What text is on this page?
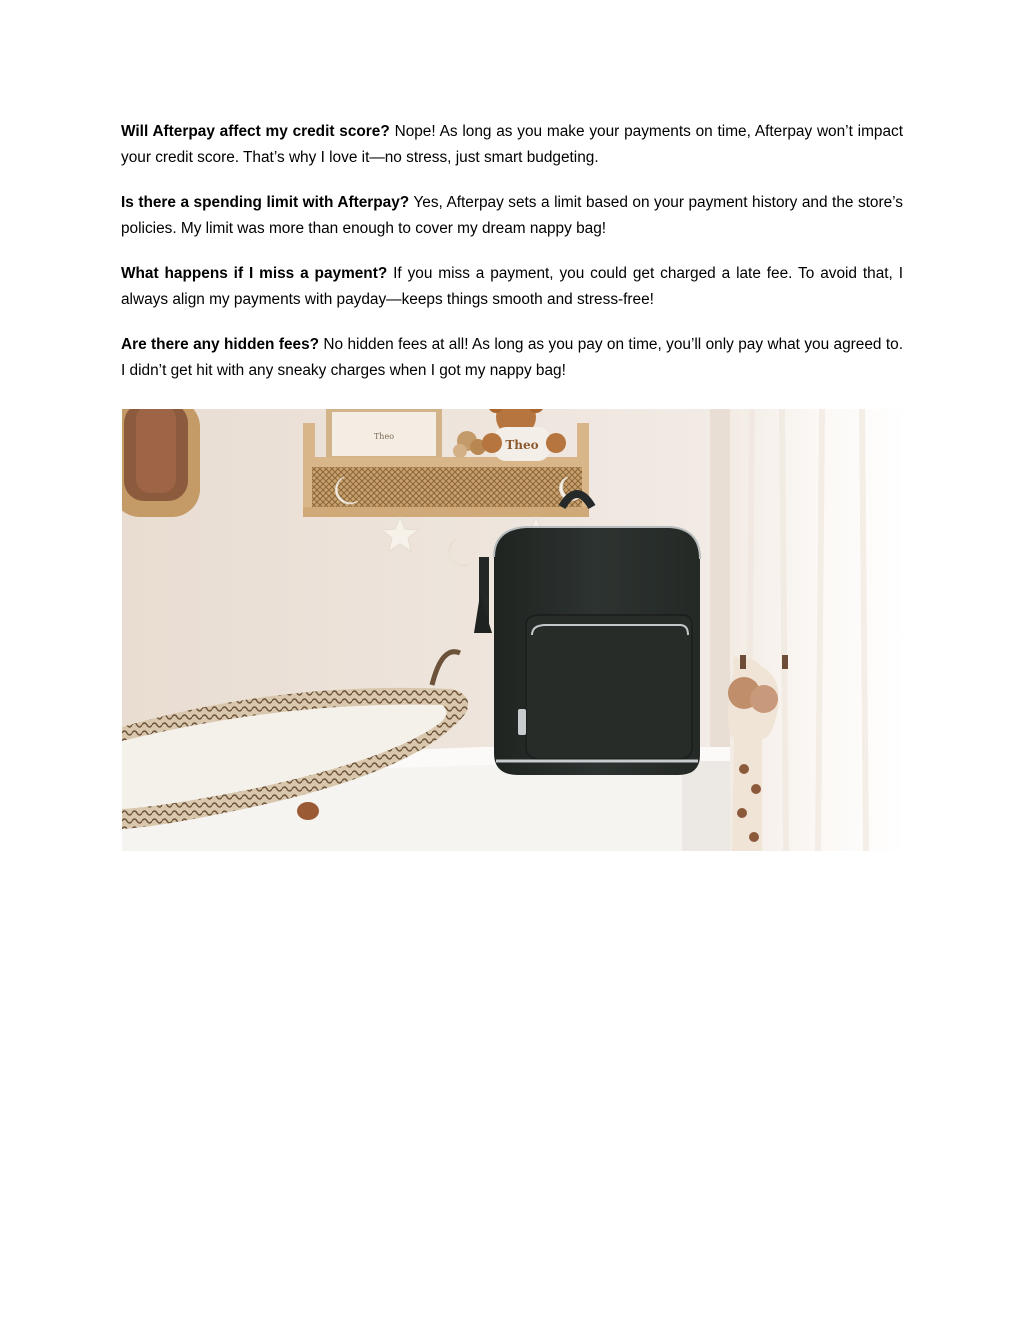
Will Afterpay affect my credit score? Nope! As long as you make your payments on time, Afterpay won’t impact your credit score. That’s why I love it—no stress, just smart budgeting.

Is there a spending limit with Afterpay? Yes, Afterpay sets a limit based on your payment history and the store’s policies. My limit was more than enough to cover my dream nappy bag!

What happens if I miss a payment? If you miss a payment, you could get charged a late fee. To avoid that, I always align my payments with payday—keeps things smooth and stress-free!

Are there any hidden fees? No hidden fees at all! As long as you pay on time, you’ll only pay what you agreed to. I didn’t get hit with any sneaky charges when I got my nappy bag!

Theo
Theo
